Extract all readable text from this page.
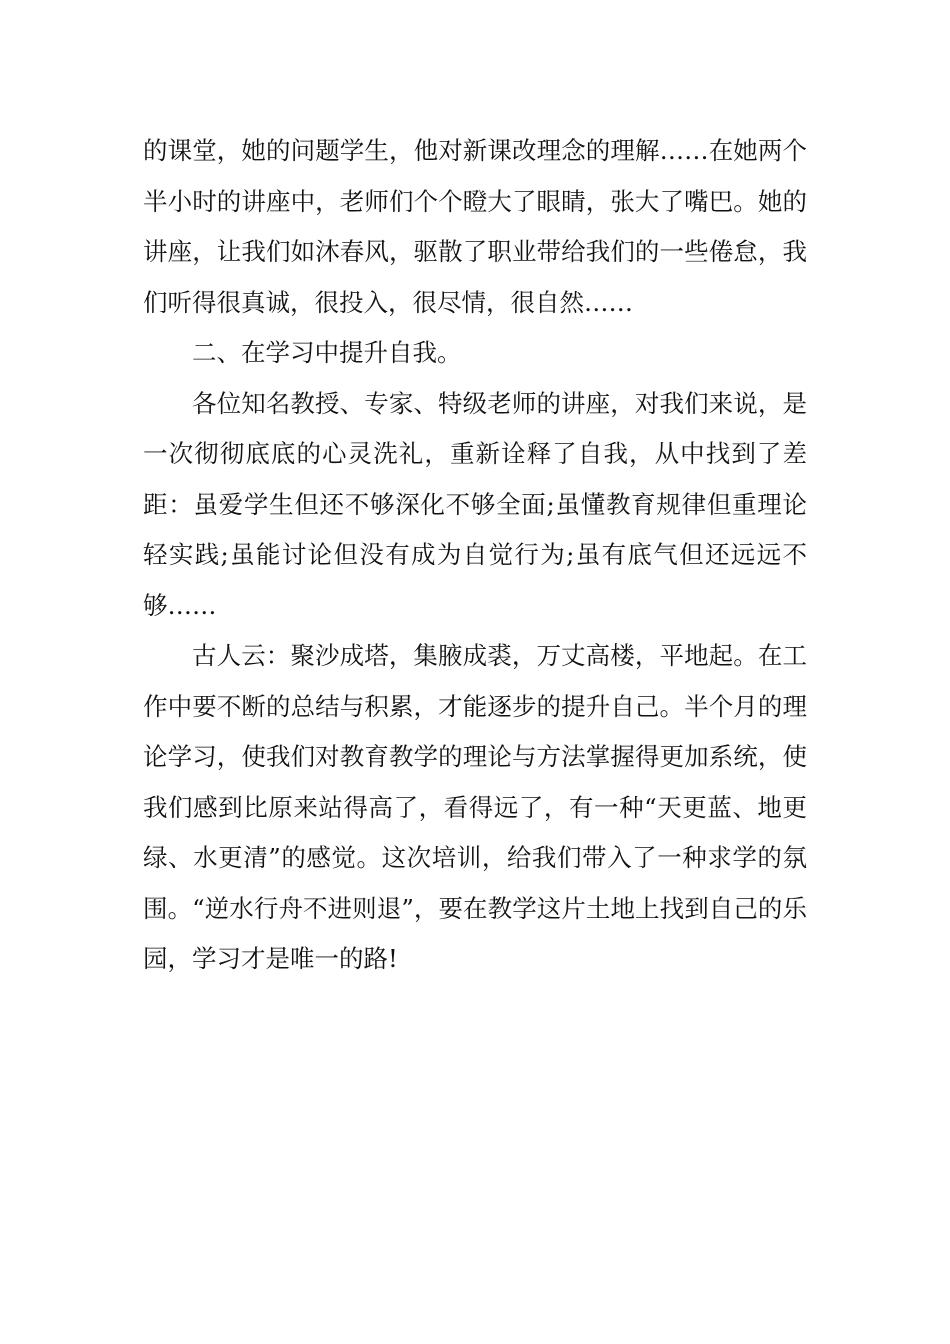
的课堂，她的问题学生，他对新课改理念的理解……在她两个半小时的讲座中，老师们个个瞪大了眼睛，张大了嘴巴。她的讲座，让我们如沐春风，驱散了职业带给我们的一些倦怠，我们听得很真诚，很投入，很尽情，很自然……

二、在学习中提升自我。

各位知名教授、专家、特级老师的讲座，对我们来说，是一次彻彻底底的心灵洗礼，重新诠释了自我，从中找到了差距：虽爱学生但还不够深化不够全面;虽懂教育规律但重理论轻实践;虽能讨论但没有成为自觉行为;虽有底气但还远远不够……

古人云：聚沙成塔，集腋成裘，万丈高楼，平地起。在工作中要不断的总结与积累，才能逐步的提升自己。半个月的理论学习，使我们对教育教学的理论与方法掌握得更加系统，使我们感到比原来站得高了，看得远了，有一种“天更蓝、地更绿、水更清”的感觉。这次培训，给我们带入了一种求学的氛围。“逆水行舟不进则退”，要在教学这片土地上找到自己的乐园，学习才是唯一的路!
